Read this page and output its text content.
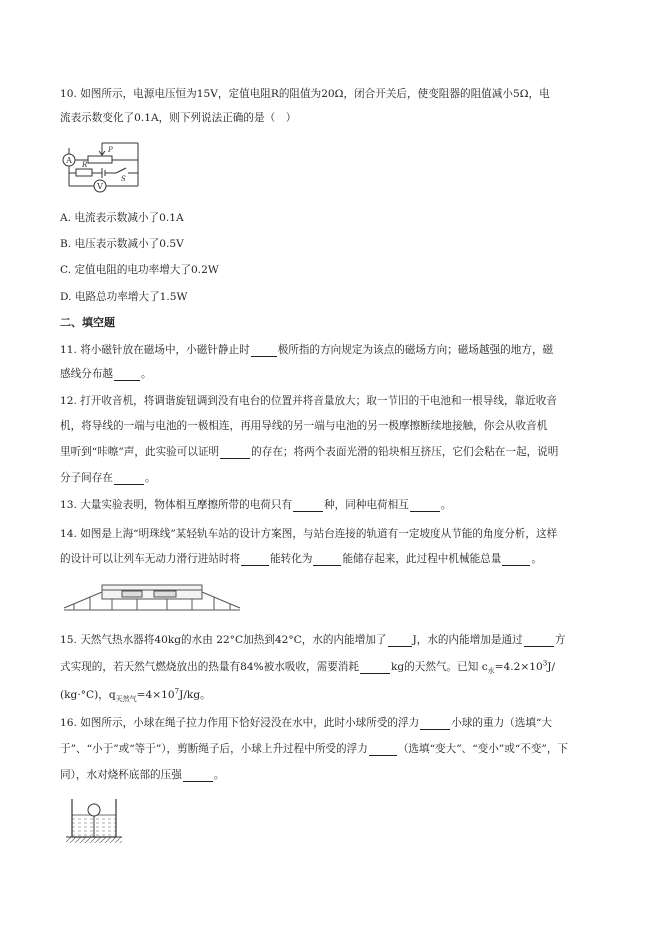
10. 如图所示，电源电压恒为15V，定值电阻R的阻值为20Ω，闭合开关后，使变阻器的阻值减小5Ω，电
流表示数变化了0.1A，则下列说法正确的是（　）
A
V
P
R
S
A. 电流表示数减小了0.1A
B. 电压表示数减小了0.5V
C. 定值电阻的电功率增大了0.2W
D. 电路总功率增大了1.5W
二、填空题
11. 将小磁针放在磁场中，小磁针静止时	极所指的方向规定为该点的磁场方向；磁场越强的地方，磁
感线分布越	。
12. 打开收音机，将调谐旋钮调到没有电台的位置并将音量放大；取一节旧的干电池和一根导线，靠近收音
机，将导线的一端与电池的一极相连，再用导线的另一端与电池的另一极摩擦断续地接触，你会从收音机
里听到“咔嚓”声，此实验可以证明	的存在；将两个表面光滑的铅块相互挤压，它们会粘在一起，说明
分子间存在	。
13. 大量实验表明，物体相互摩擦所带的电荷只有	种，同种电荷相互	。
14. 如图是上海“明珠线”某轻轨车站的设计方案图，与站台连接的轨道有一定坡度从节能的角度分析，这样
的设计可以让列车无动力滑行进站时将	能转化为	能储存起来，此过程中机械能总量	。
15. 天然气热水器将40kg的水由 22°C加热到42°C，水的内能增加了 J，水的内能增加是通过	方
式实现的，若天然气燃烧放出的热量有84%被水吸收，需要消耗	kg的天然气。已知 $c_水=4.2\times 10^3J/$
(kg·°C)，$q_{天然气}=4\times 10^7J/kg$。
16. 如图所示，小球在绳子拉力作用下恰好浸没在水中，此时小球所受的浮力	小球的重力（选填“大
于”、“小于”或“等于”），剪断绳子后，小球上升过程中所受的浮力	（选填“变大”、“变小”或“不变”，下
同），水对烧杯底部的压强	。
